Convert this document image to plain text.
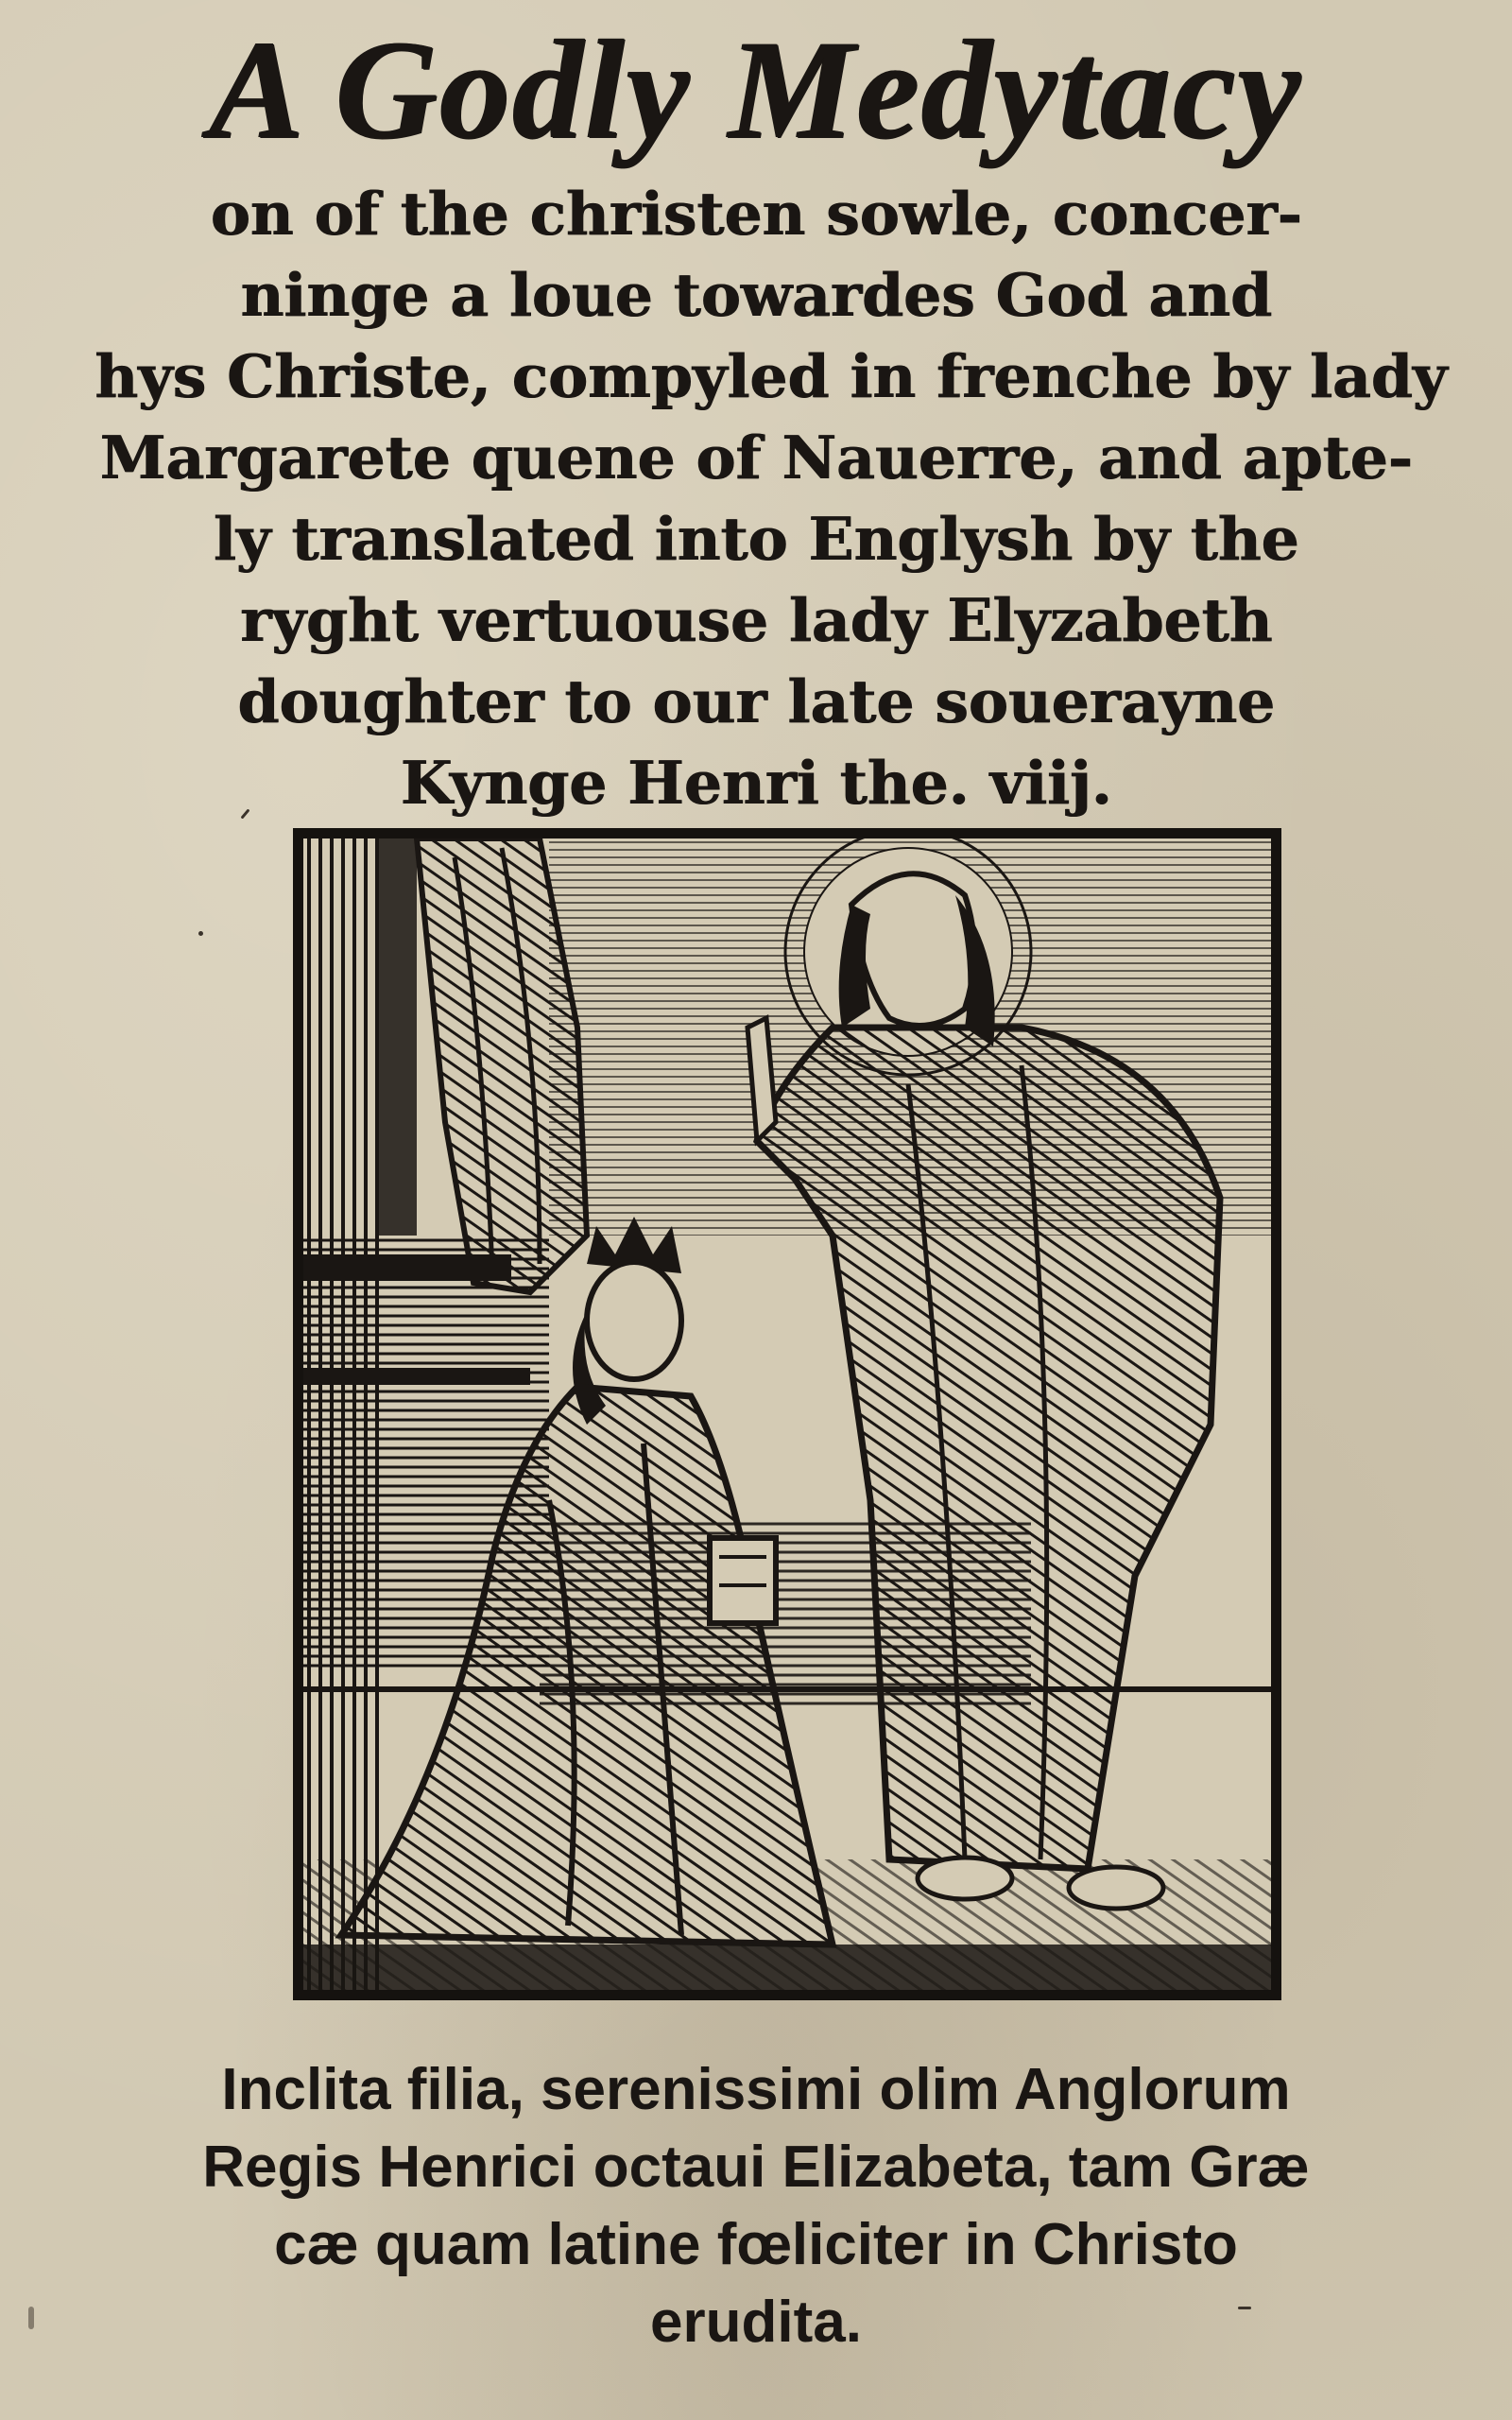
A Godly Medytacy

on of the christen sowle, concer-

ninge a loue towardes God and

hys Christe, compyled in frenche by lady

Margarete quene of Nauerre, and apte-

ly translated into Englysh by the

ryght vertuouse lady Elyzabeth

doughter to our late souerayne

Kynge Henri the. viij.

Inclita filia, serenissimi olim Anglorum

Regis Henrici octaui Elizabeta, tam Græ

cæ quam latine fœliciter in Christo

erudita.
